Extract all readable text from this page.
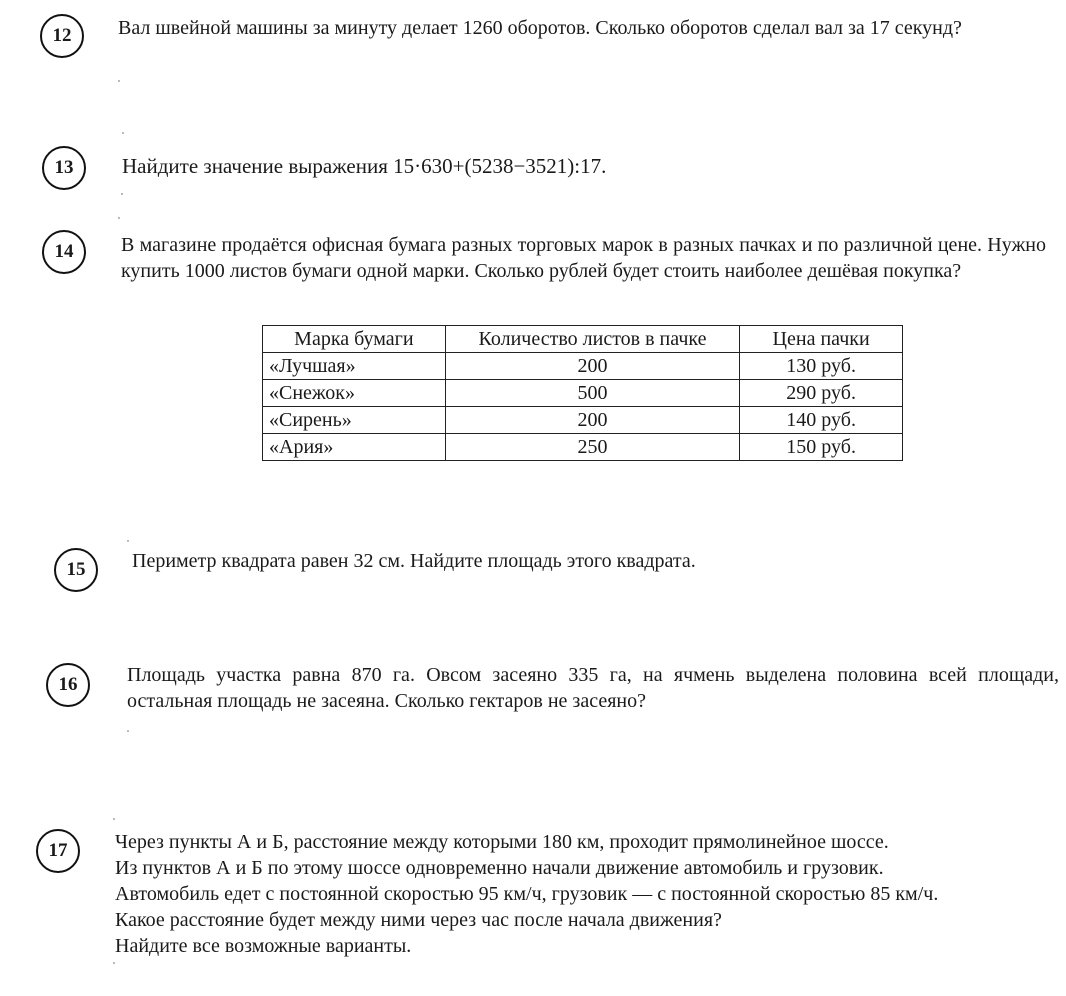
12	Вал швейной машины за минуту делает 1260 оборотов. Сколько оборотов сделал вал за 17 секунд?

13	Найдите значение выражения 15·630+(5238−3521):17.

14	В магазине продаётся офисная бумага разных торговых марок в разных пачках и по различной цене. Нужно купить 1000 листов бумаги одной марки. Сколько рублей будет стоить наиболее дешёвая покупка?

Марка бумаги	Количество листов в пачке	Цена пачки
«Лучшая»	200	130 руб.
«Снежок»	500	290 руб.
«Сирень»	200	140 руб.
«Ария»	250	150 руб.
15	Периметр квадрата равен 32 см. Найдите площадь этого квадрата.

16	Площадь участка равна 870 га. Овсом засеяно 335 га, на ячмень выделена половина всей площади, остальная площадь не засеяна. Сколько гектаров не засеяно?

17	Через пункты А и Б, расстояние между которыми 180 км, проходит прямолинейное шоссе.

Из пунктов А и Б по этому шоссе одновременно начали движение автомобиль и грузовик.

Автомобиль едет с постоянной скоростью 95 км/ч, грузовик — с постоянной скоростью 85 км/ч.

Какое расстояние будет между ними через час после начала движения?

Найдите все возможные варианты.
